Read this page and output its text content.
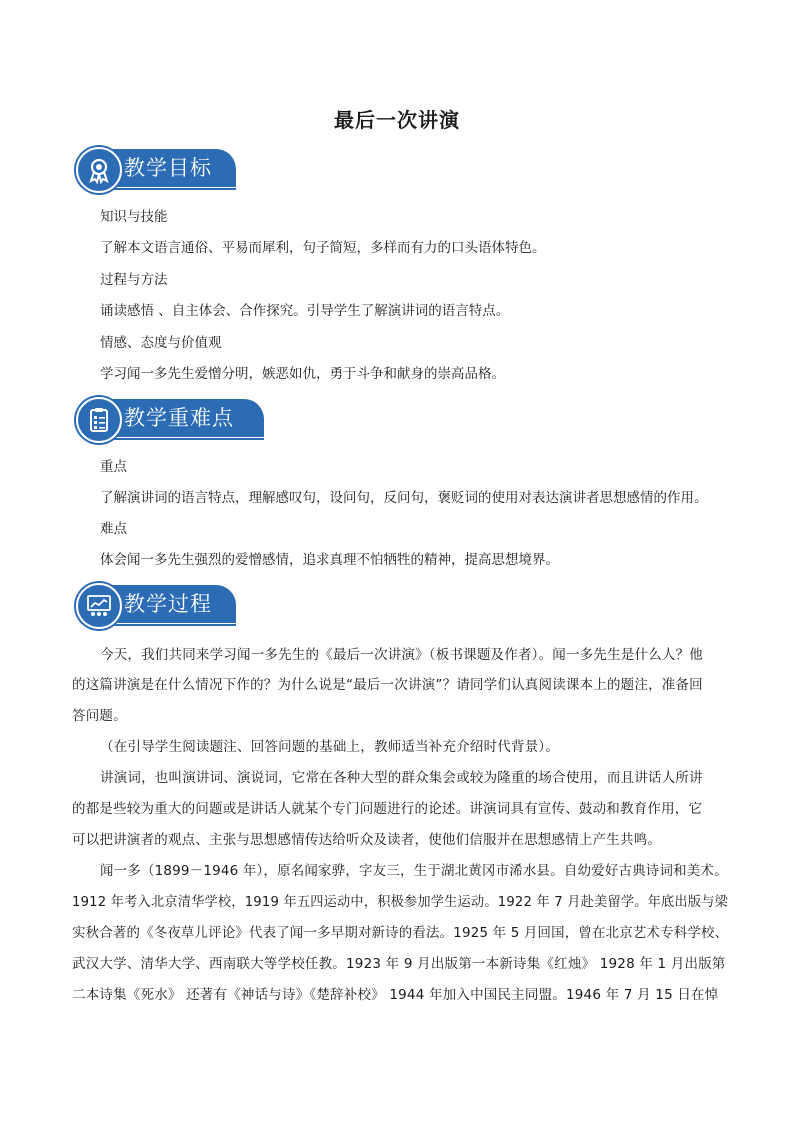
最后一次讲演
教学目标
知识与技能
了解本文语言通俗、平易而犀利，句子简短，多样而有力的口头语体特色。
过程与方法
诵读感悟 、自主体会、合作探究。引导学生了解演讲词的语言特点。
情感、态度与价值观
学习闻一多先生爱憎分明，嫉恶如仇，勇于斗争和献身的崇高品格。
教学重难点
重点
了解演讲词的语言特点，理解感叹句，设问句，反问句，褒贬词的使用对表达演讲者思想感情的作用。
难点
体会闻一多先生强烈的爱憎感情，追求真理不怕牺牲的精神，提高思想境界。
教学过程
今天，我们共同来学习闻一多先生的《最后一次讲演》（板书课题及作者）。闻一多先生是什么人？他
的这篇讲演是在什么情况下作的？为什么说是“最后一次讲演”？请同学们认真阅读课本上的题注，准备回
答问题。
（在引导学生阅读题注、回答问题的基础上，教师适当补充介绍时代背景）。
讲演词，也叫演讲词、演说词，它常在各种大型的群众集会或较为隆重的场合使用，而且讲话人所讲
的都是些较为重大的问题或是讲话人就某个专门问题进行的论述。讲演词具有宣传、鼓动和教育作用，它
可以把讲演者的观点、主张与思想感情传达给听众及读者，使他们信服并在思想感情上产生共鸣。
闻一多（1899－1946 年），原名闻家骅，字友三，生于湖北黄冈市浠水县。自幼爱好古典诗词和美术。
1912 年考入北京清华学校，1919 年五四运动中，积极参加学生运动。1922 年 7 月赴美留学。年底出版与梁
实秋合著的《冬夜草儿评论》代表了闻一多早期对新诗的看法。1925 年 5 月回国，曾在北京艺术专科学校、
武汉大学、清华大学、西南联大等学校任教。1923 年 9 月出版第一本新诗集《红烛》 1928 年 1 月出版第
二本诗集《死水》 还著有《神话与诗》《楚辞补校》 1944 年加入中国民主同盟。1946 年 7 月 15 日在悼
